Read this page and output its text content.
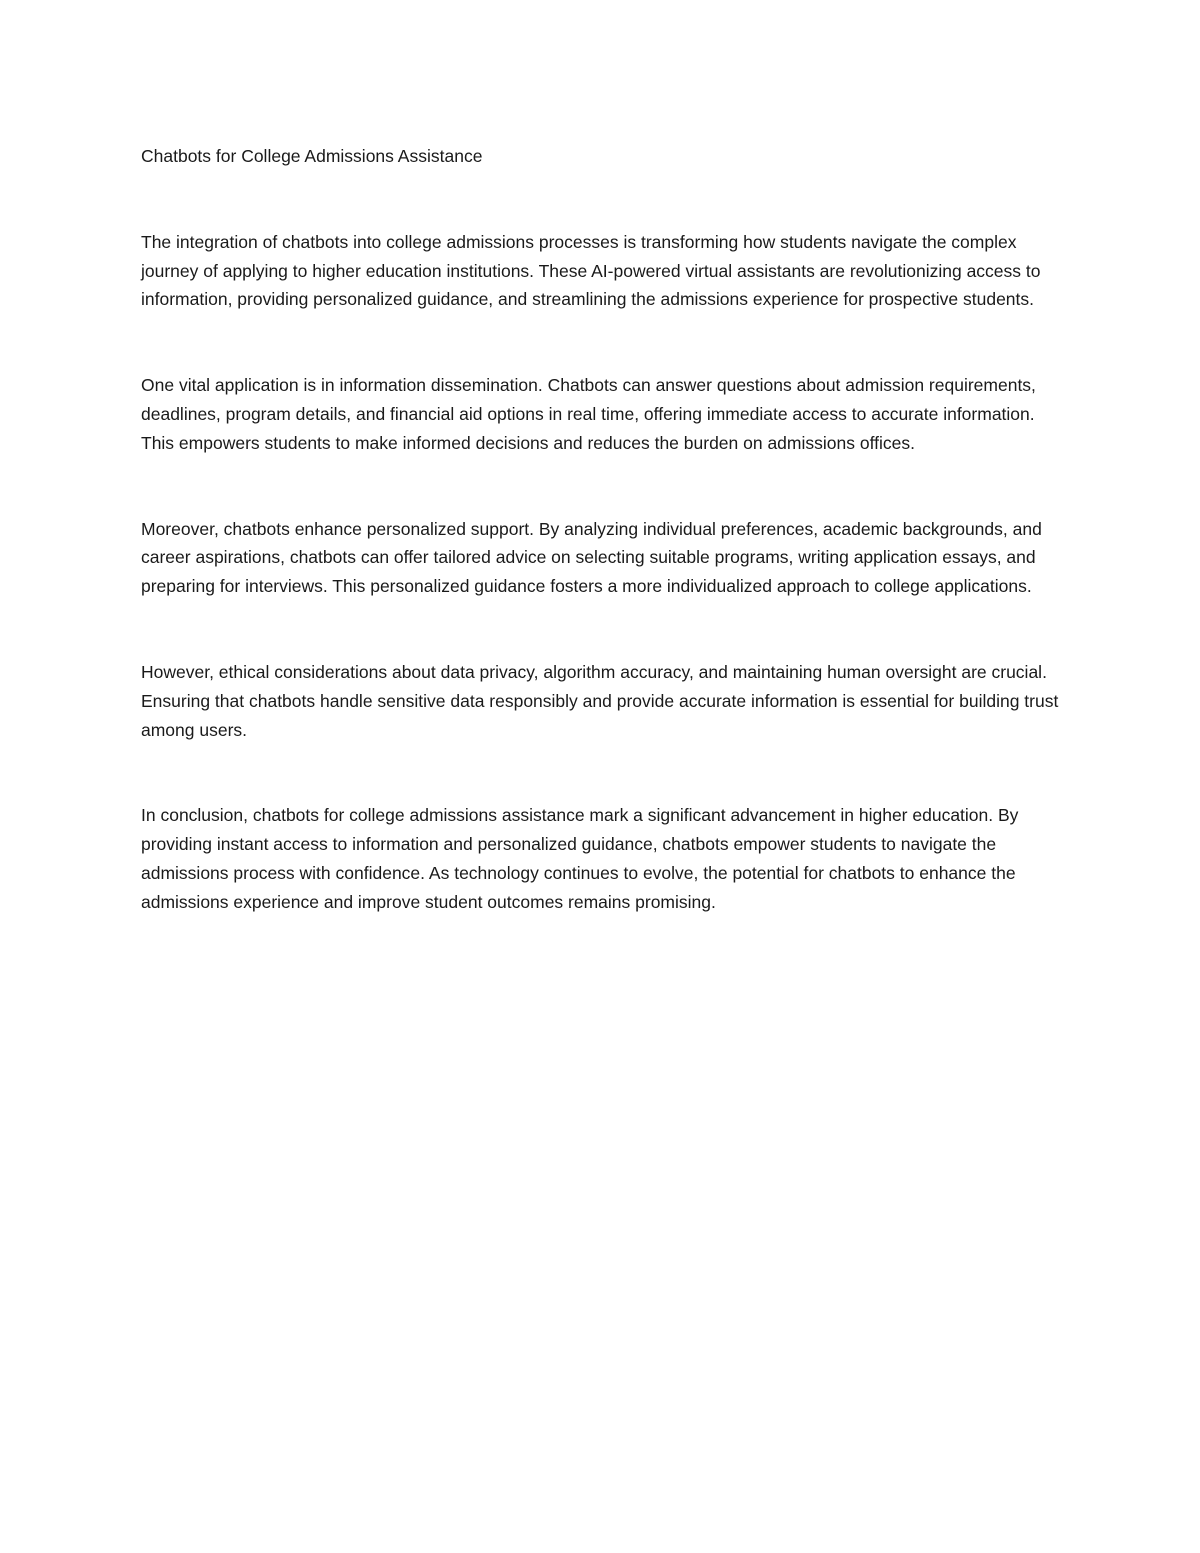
Chatbots for College Admissions Assistance

The integration of chatbots into college admissions processes is transforming how students navigate the complex journey of applying to higher education institutions. These AI-powered virtual assistants are revolutionizing access to information, providing personalized guidance, and streamlining the admissions experience for prospective students.

One vital application is in information dissemination. Chatbots can answer questions about admission requirements, deadlines, program details, and financial aid options in real time, offering immediate access to accurate information. This empowers students to make informed decisions and reduces the burden on admissions offices.

Moreover, chatbots enhance personalized support. By analyzing individual preferences, academic backgrounds, and career aspirations, chatbots can offer tailored advice on selecting suitable programs, writing application essays, and preparing for interviews. This personalized guidance fosters a more individualized approach to college applications.

However, ethical considerations about data privacy, algorithm accuracy, and maintaining human oversight are crucial. Ensuring that chatbots handle sensitive data responsibly and provide accurate information is essential for building trust among users.

In conclusion, chatbots for college admissions assistance mark a significant advancement in higher education. By providing instant access to information and personalized guidance, chatbots empower students to navigate the admissions process with confidence. As technology continues to evolve, the potential for chatbots to enhance the admissions experience and improve student outcomes remains promising.
